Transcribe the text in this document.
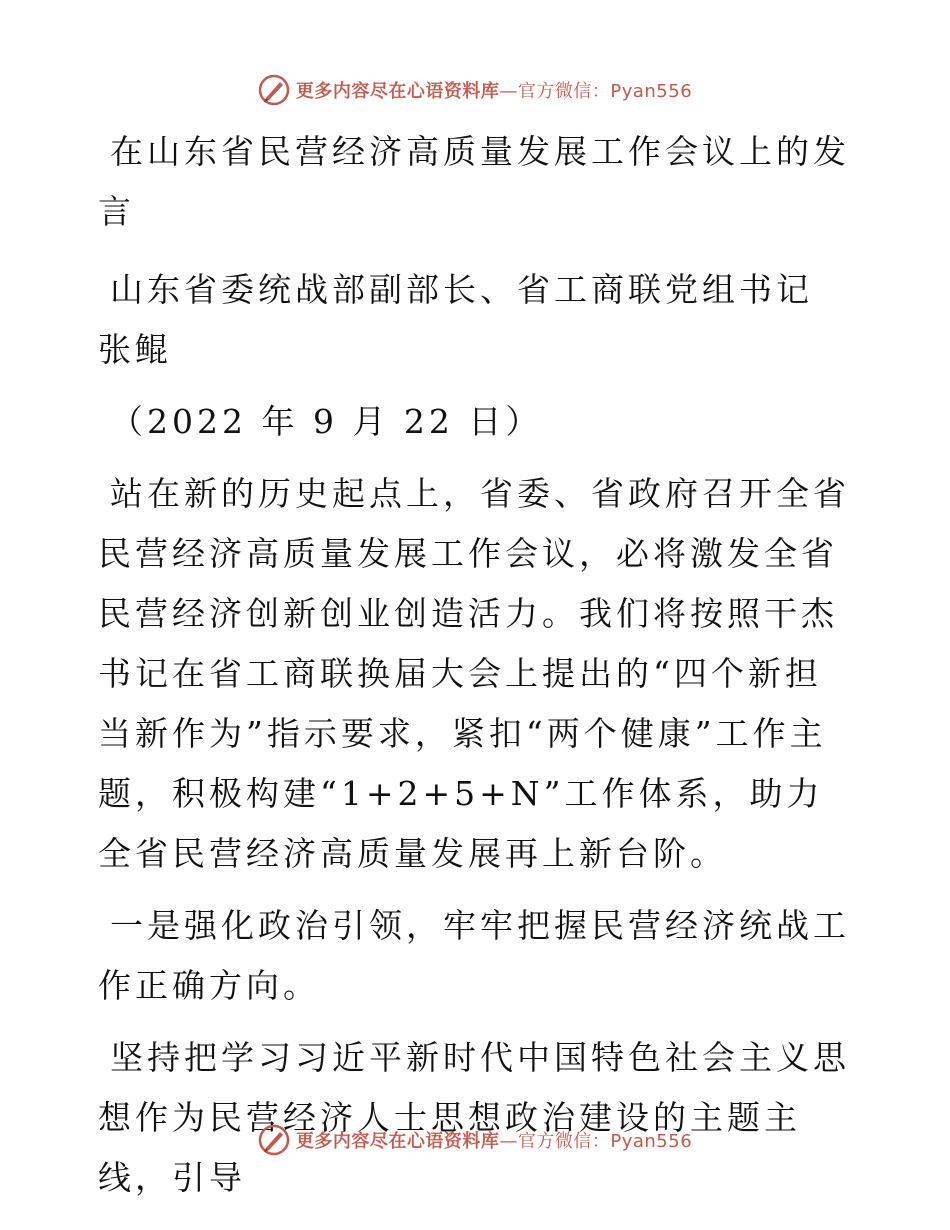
更多内容尽在心语资料库—官方微信：Pyan556

在山东省民营经济高质量发展工作会议上的发言

山东省委统战部副部长、省工商联党组书记　张鲲

（2022 年 9 月 22 日）

站在新的历史起点上，省委、省政府召开全省民营经济高质量发展工作会议，必将激发全省民营经济创新创业创造活力。我们将按照干杰书记在省工商联换届大会上提出的“四个新担当新作为”指示要求，紧扣“两个健康”工作主题，积极构建“1+2+5+N”工作体系，助力全省民营经济高质量发展再上新台阶。

一是强化政治引领，牢牢把握民营经济统战工作正确方向。

坚持把学习习近平新时代中国特色社会主义思想作为民营经济人士思想政治建设的主题主线，引导

更多内容尽在心语资料库—官方微信：Pyan556
